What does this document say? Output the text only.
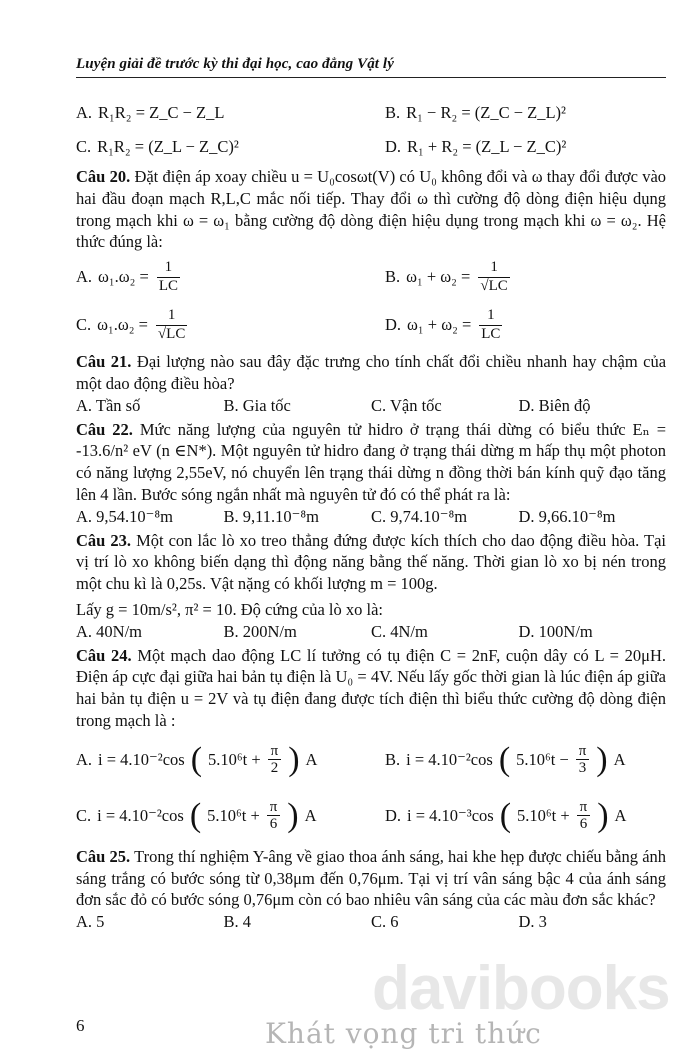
Luyện giải đề trước kỳ thi đại học, cao đẳng Vật lý
A. R₁R₂ = Z_C − Z_L	B. R₁ − R₂ = (Z_C − Z_L)²
C. R₁R₂ = (Z_L − Z_C)²	D. R₁ + R₂ = (Z_L − Z_C)²

Câu 20. Đặt điện áp xoay chiều u = U₀cosωt(V) có U₀ không đổi và ω thay đổi được vào hai đầu đoạn mạch R,L,C mắc nối tiếp. Thay đổi ω thì cường độ dòng điện hiệu dụng trong mạch khi ω = ω₁ bằng cường độ dòng điện hiệu dụng trong mạch khi ω = ω₂. Hệ thức đúng là:

A. $\omega_1.\omega_2 = \frac{1}{LC}$	B. $\omega_1 + \omega_2 = \frac{1}{√LC}$
C. $\omega_1.\omega_2 = \frac{1}{√LC}$	D. $\omega_1 + \omega_2 = \frac{1}{LC}$

Câu 21. Đại lượng nào sau đây đặc trưng cho tính chất đổi chiều nhanh hay chậm của một dao động điều hòa?

A. Tần số	B. Gia tốc	C. Vận tốc	D. Biên độ

Câu 22. Mức năng lượng của nguyên tử hidro ở trạng thái dừng có biểu thức Eₙ = -13.6/n² eV (n ∈N*). Một nguyên tử hidro đang ở trạng thái dừng m hấp thụ một photon có năng lượng 2,55eV, nó chuyển lên trạng thái dừng n đồng thời bán kính quỹ đạo tăng lên 4 lần. Bước sóng ngắn nhất mà nguyên tử đó có thể phát ra là:

A. 9,54.10⁻⁸m	B. 9,11.10⁻⁸m	C. 9,74.10⁻⁸m	D. 9,66.10⁻⁸m

Câu 23. Một con lắc lò xo treo thẳng đứng được kích thích cho dao động điều hòa. Tại vị trí lò xo không biến dạng thì động năng bằng thế năng. Thời gian lò xo bị nén trong một chu kì là 0,25s. Vật nặng có khối lượng m = 100g.

Lấy g = 10m/s², π² = 10. Độ cứng của lò xo là:

A. 40N/m	B. 200N/m	C. 4N/m	D. 100N/m

Câu 24. Một mạch dao động LC lí tưởng có tụ điện C = 2nF, cuộn dây có L = 20μH. Điện áp cực đại giữa hai bản tụ điện là U₀ = 4V. Nếu lấy gốc thời gian là lúc điện áp giữa hai bản tụ điện u = 2V và tụ điện đang được tích điện thì biểu thức cường độ dòng điện trong mạch là :

A. i = 4.10⁻²cos ( $5.10^6t + \frac{\pi}{2}$ ) A	B. i = 4.10⁻²cos ( $5.10^6t - \frac{\pi}{3}$ ) A
C. i = 4.10⁻²cos ( $5.10^6t + \frac{\pi}{6}$ ) A	D. i = 4.10⁻³cos ( $5.10^6t + \frac{\pi}{6}$ ) A

Câu 25. Trong thí nghiệm Y-âng về giao thoa ánh sáng, hai khe hẹp được chiếu bằng ánh sáng trắng có bước sóng từ 0,38μm đến 0,76μm. Tại vị trí vân sáng bậc 4 của ánh sáng đơn sắc đỏ có bước sóng 0,76μm còn có bao nhiêu vân sáng của các màu đơn sắc khác?

A. 5	B. 4	C. 6	D. 3
davibooks
Khát vọng tri thức
6
